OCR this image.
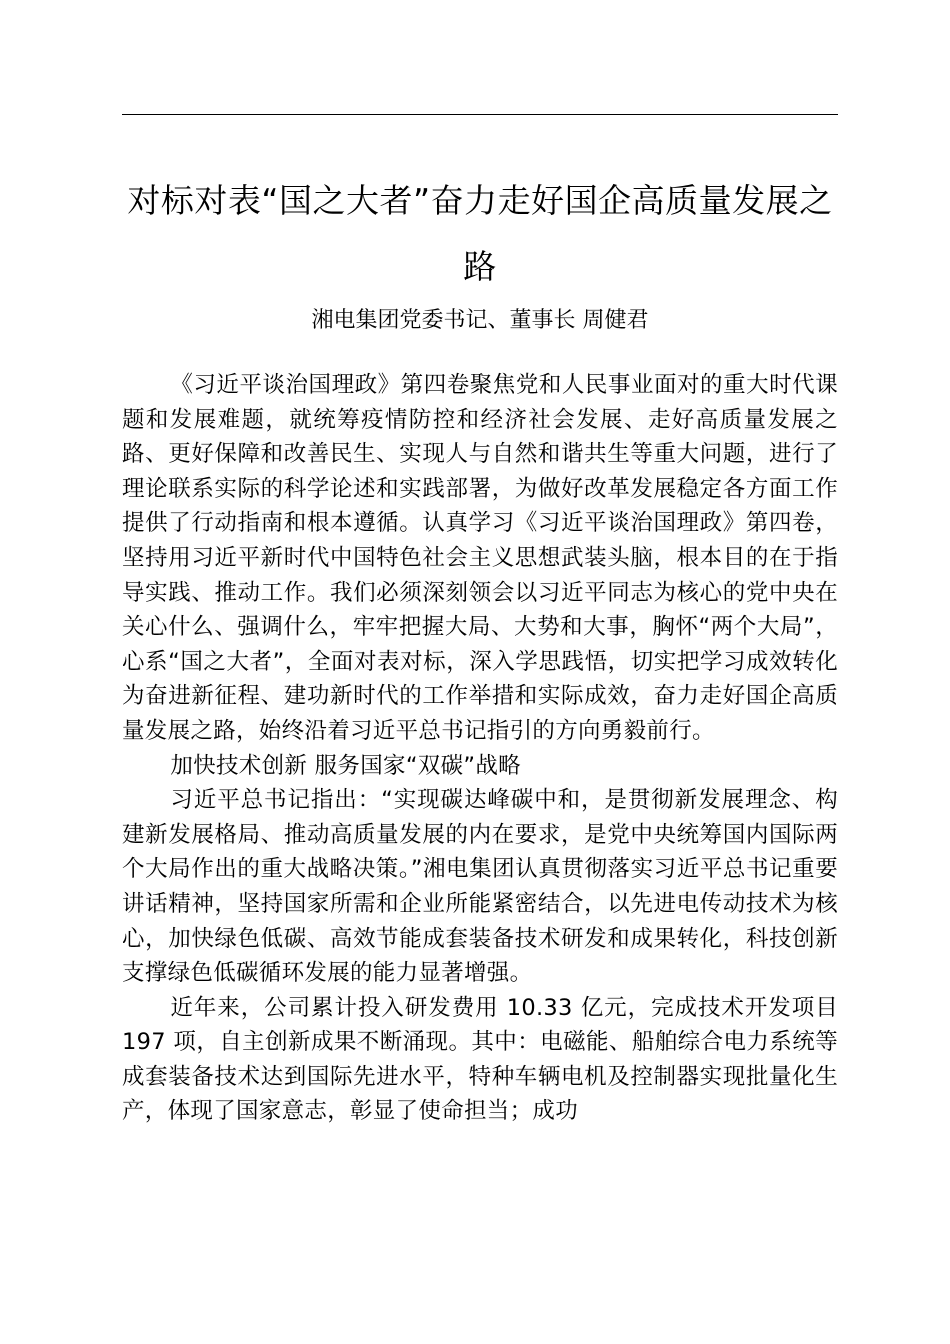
对标对表“国之大者”奋力走好国企高质量发展之路
湘电集团党委书记、董事长 周健君

《习近平谈治国理政》第四卷聚焦党和人民事业面对的重大时代课题和发展难题，就统筹疫情防控和经济社会发展、走好高质量发展之路、更好保障和改善民生、实现人与自然和谐共生等重大问题，进行了理论联系实际的科学论述和实践部署，为做好改革发展稳定各方面工作提供了行动指南和根本遵循。认真学习《习近平谈治国理政》第四卷，坚持用习近平新时代中国特色社会主义思想武装头脑，根本目的在于指导实践、推动工作。我们必须深刻领会以习近平同志为核心的党中央在关心什么、强调什么，牢牢把握大局、大势和大事，胸怀“两个大局”，心系“国之大者”，全面对表对标，深入学思践悟，切实把学习成效转化为奋进新征程、建功新时代的工作举措和实际成效，奋力走好国企高质量发展之路，始终沿着习近平总书记指引的方向勇毅前行。

加快技术创新 服务国家“双碳”战略

习近平总书记指出：“实现碳达峰碳中和，是贯彻新发展理念、构建新发展格局、推动高质量发展的内在要求，是党中央统筹国内国际两个大局作出的重大战略决策。”湘电集团认真贯彻落实习近平总书记重要讲话精神，坚持国家所需和企业所能紧密结合，以先进电传动技术为核心，加快绿色低碳、高效节能成套装备技术研发和成果转化，科技创新支撑绿色低碳循环发展的能力显著增强。

近年来，公司累计投入研发费用 10.33 亿元，完成技术开发项目 197 项，自主创新成果不断涌现。其中：电磁能、船舶综合电力系统等成套装备技术达到国际先进水平，特种车辆电机及控制器实现批量化生产，体现了国家意志，彰显了使命担当；成功
